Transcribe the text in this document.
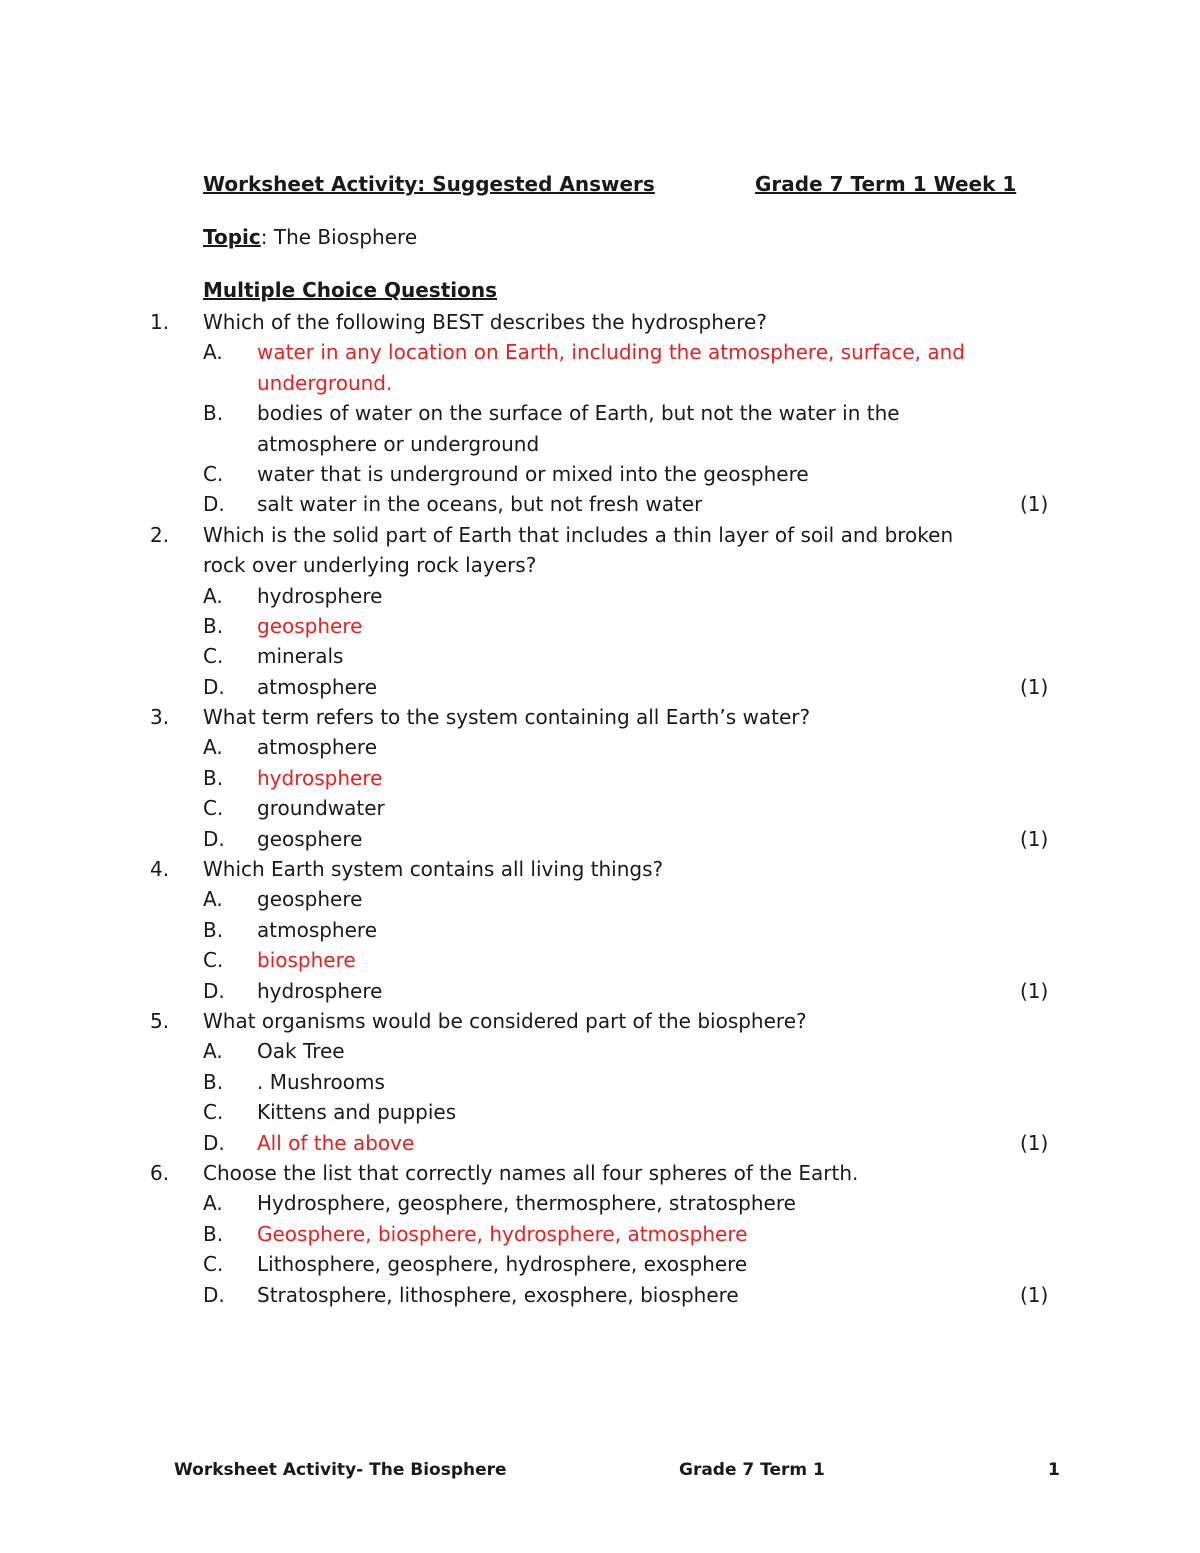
Worksheet Activity: Suggested Answers	Grade 7 Term 1 Week 1
Topic: The Biosphere
Multiple Choice Questions
1. Which of the following BEST describes the hydrosphere?
A. water in any location on Earth, including the atmosphere, surface, and
underground.
B. bodies of water on the surface of Earth, but not the water in the
atmosphere or underground
C. water that is underground or mixed into the geosphere
D. salt water in the oceans, but not fresh water	(1)
2. Which is the solid part of Earth that includes a thin layer of soil and broken
rock over underlying rock layers?
A. hydrosphere
B. geosphere
C. minerals
D. atmosphere	(1)
3. What term refers to the system containing all Earth’s water?
A. atmosphere
B. hydrosphere
C. groundwater
D. geosphere	(1)
4. Which Earth system contains all living things?
A. geosphere
B. atmosphere
C. biosphere
D. hydrosphere	(1)
5. What organisms would be considered part of the biosphere?
A. Oak Tree
B. . Mushrooms
C. Kittens and puppies
D. All of the above	(1)
6. Choose the list that correctly names all four spheres of the Earth.
A. Hydrosphere, geosphere, thermosphere, stratosphere
B. Geosphere, biosphere, hydrosphere, atmosphere
C. Lithosphere, geosphere, hydrosphere, exosphere
D. Stratosphere, lithosphere, exosphere, biosphere	(1)
Worksheet Activity- The Biosphere	Grade 7 Term 1	1
